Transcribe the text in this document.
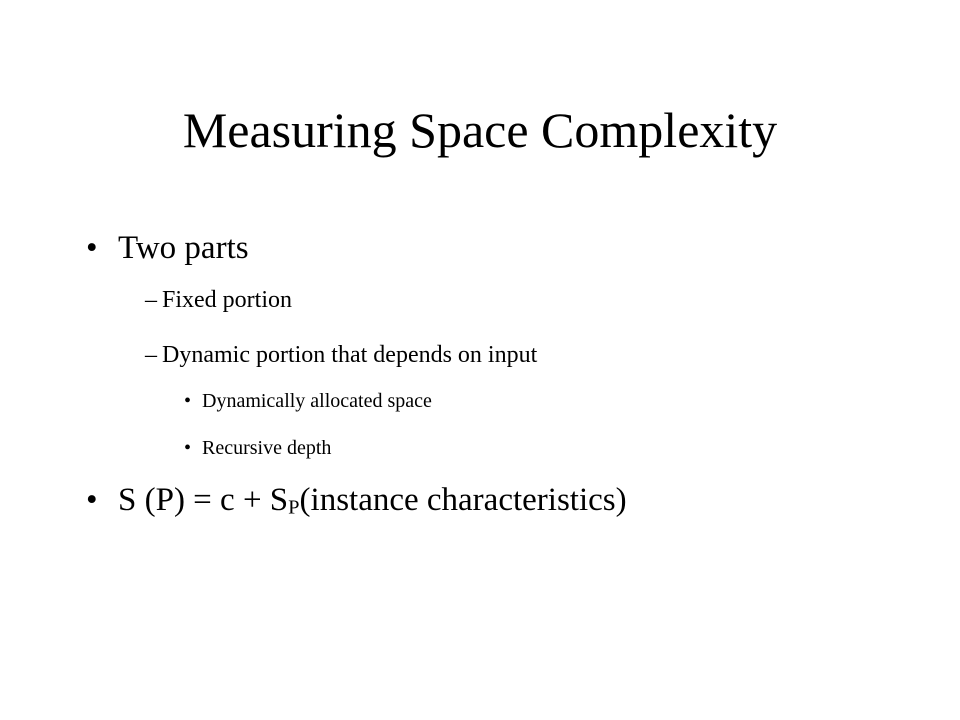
Measuring Space Complexity
• Two parts
– Fixed portion
– Dynamic portion that depends on input
• Dynamically allocated space
• Recursive depth
• S (P) = c + SP(instance characteristics)
